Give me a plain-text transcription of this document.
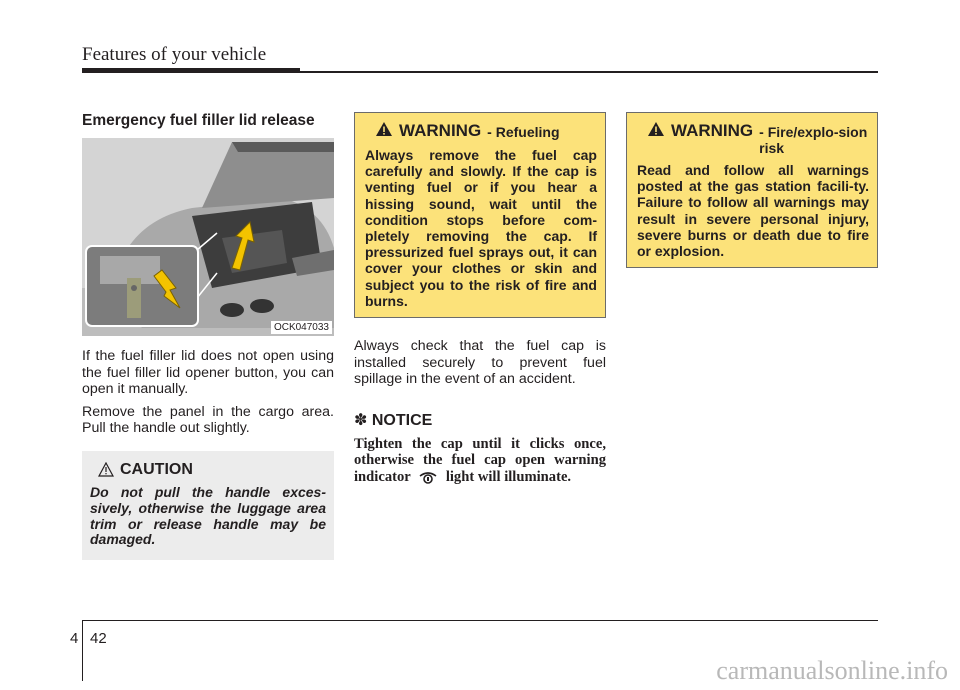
Features of your vehicle
Emergency fuel filler lid release
OCK047033

If the fuel filler lid does not open using the fuel filler lid opener button, you can open it manually.

Remove the panel in the cargo area. Pull the handle out slightly.

CAUTION
Do not pull the handle exces-sively, otherwise the luggage area trim or release handle may be damaged.
WARNING - Refueling
Always remove the fuel cap carefully and slowly. If the cap is venting fuel or if you hear a hissing sound, wait until the condition stops before com-pletely removing the cap. If pressurized fuel sprays out, it can cover your clothes or skin and subject you to the risk of fire and burns.

Always check that the fuel cap is installed securely to prevent fuel spillage in the event of an accident.

✽ NOTICE
Tighten the cap until it clicks once, otherwise the fuel cap open warning indicator light will illuminate.
WARNING - Fire/explo-sion risk
Read and follow all warnings posted at the gas station facili-ty. Failure to follow all warnings may result in severe personal injury, severe burns or death due to fire or explosion.
4 42
carmanualsonline.info
